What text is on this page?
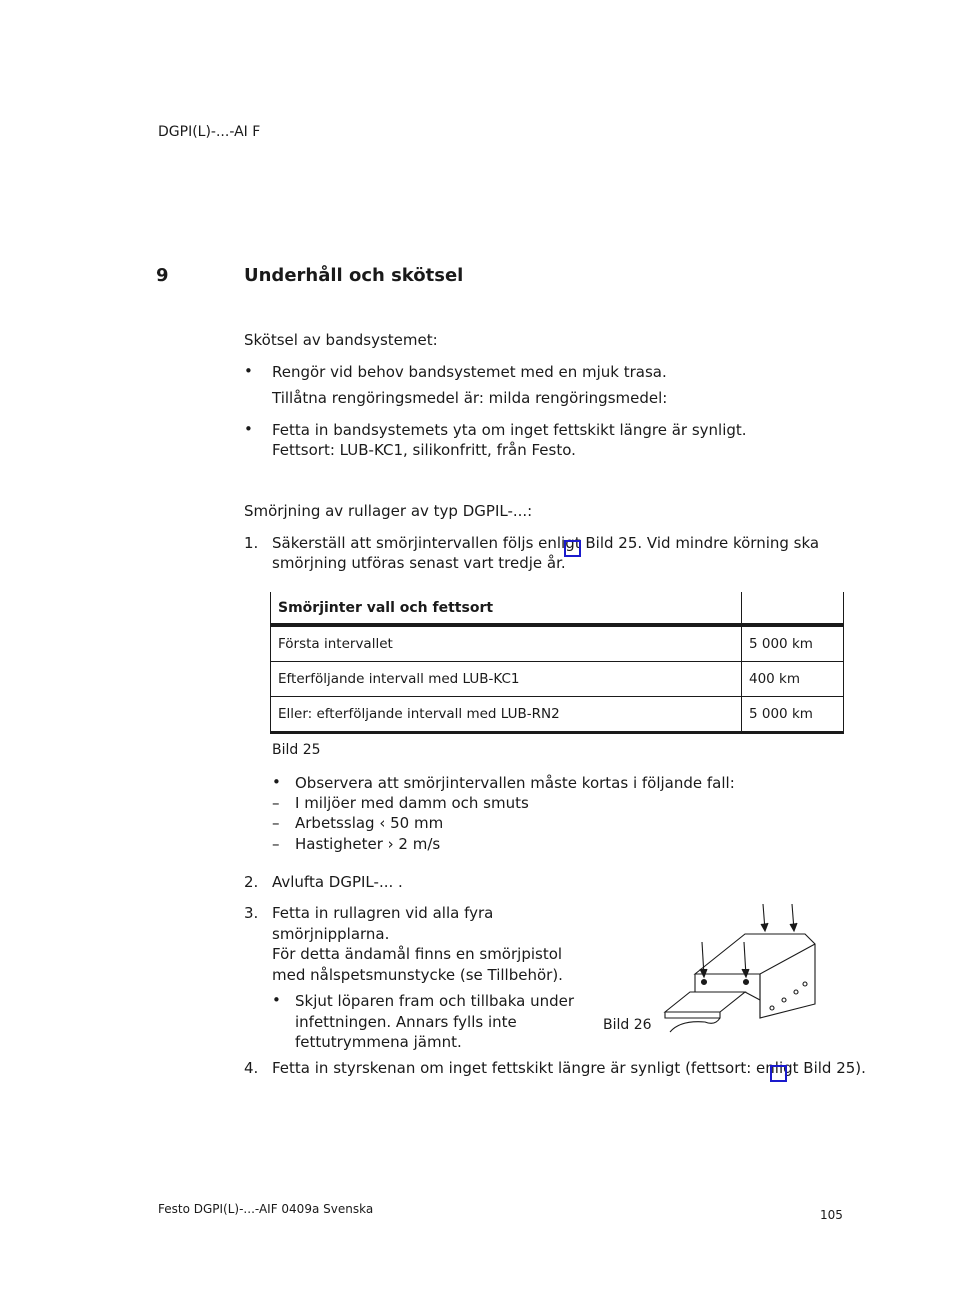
DGPI(L)-...-AI F
9	Underhåll och skötsel
Skötsel av bandsystemet:
• Rengör vid behov bandsystemet med en mjuk trasa.
Tillåtna rengöringsmedel är: milda rengöringsmedel:
• Fetta in bandsystemets yta om inget fettskikt längre är synligt.
Fettsort: LUB-KC1, silikonfritt, från Festo.
Smörjning av rullager av typ DGPIL-...:
1. Säkerställ att smörjintervallen följs enligt Bild 25. Vid mindre körning ska
smörjning utföras senast vart tredje år.
Smörjinter vall och fettsort	
Första intervallet	5 000 km
Efterföljande intervall med LUB-KC1	400 km
Eller: efterföljande intervall med LUB-RN2	5 000 km
Bild 25
• Observera att smörjintervallen måste kortas i följande fall:
– I miljöer med damm och smuts
– Arbetsslag ‹ 50 mm
– Hastigheter › 2 m/s
2. Avlufta DGPIL-... .
3. Fetta in rullagren vid alla fyra
smörjnipplarna.
För detta ändamål finns en smörjpistol
med nålspetsmunstycke (se Tillbehör).
• Skjut löparen fram och tillbaka under
infettningen. Annars fylls inte
fettutrymmena jämnt.
Bild 26
4. Fetta in styrskenan om inget fettskikt längre är synligt (fettsort: enligt Bild 25).
Festo DGPI(L)-...-AIF 0409a Svenska	105
